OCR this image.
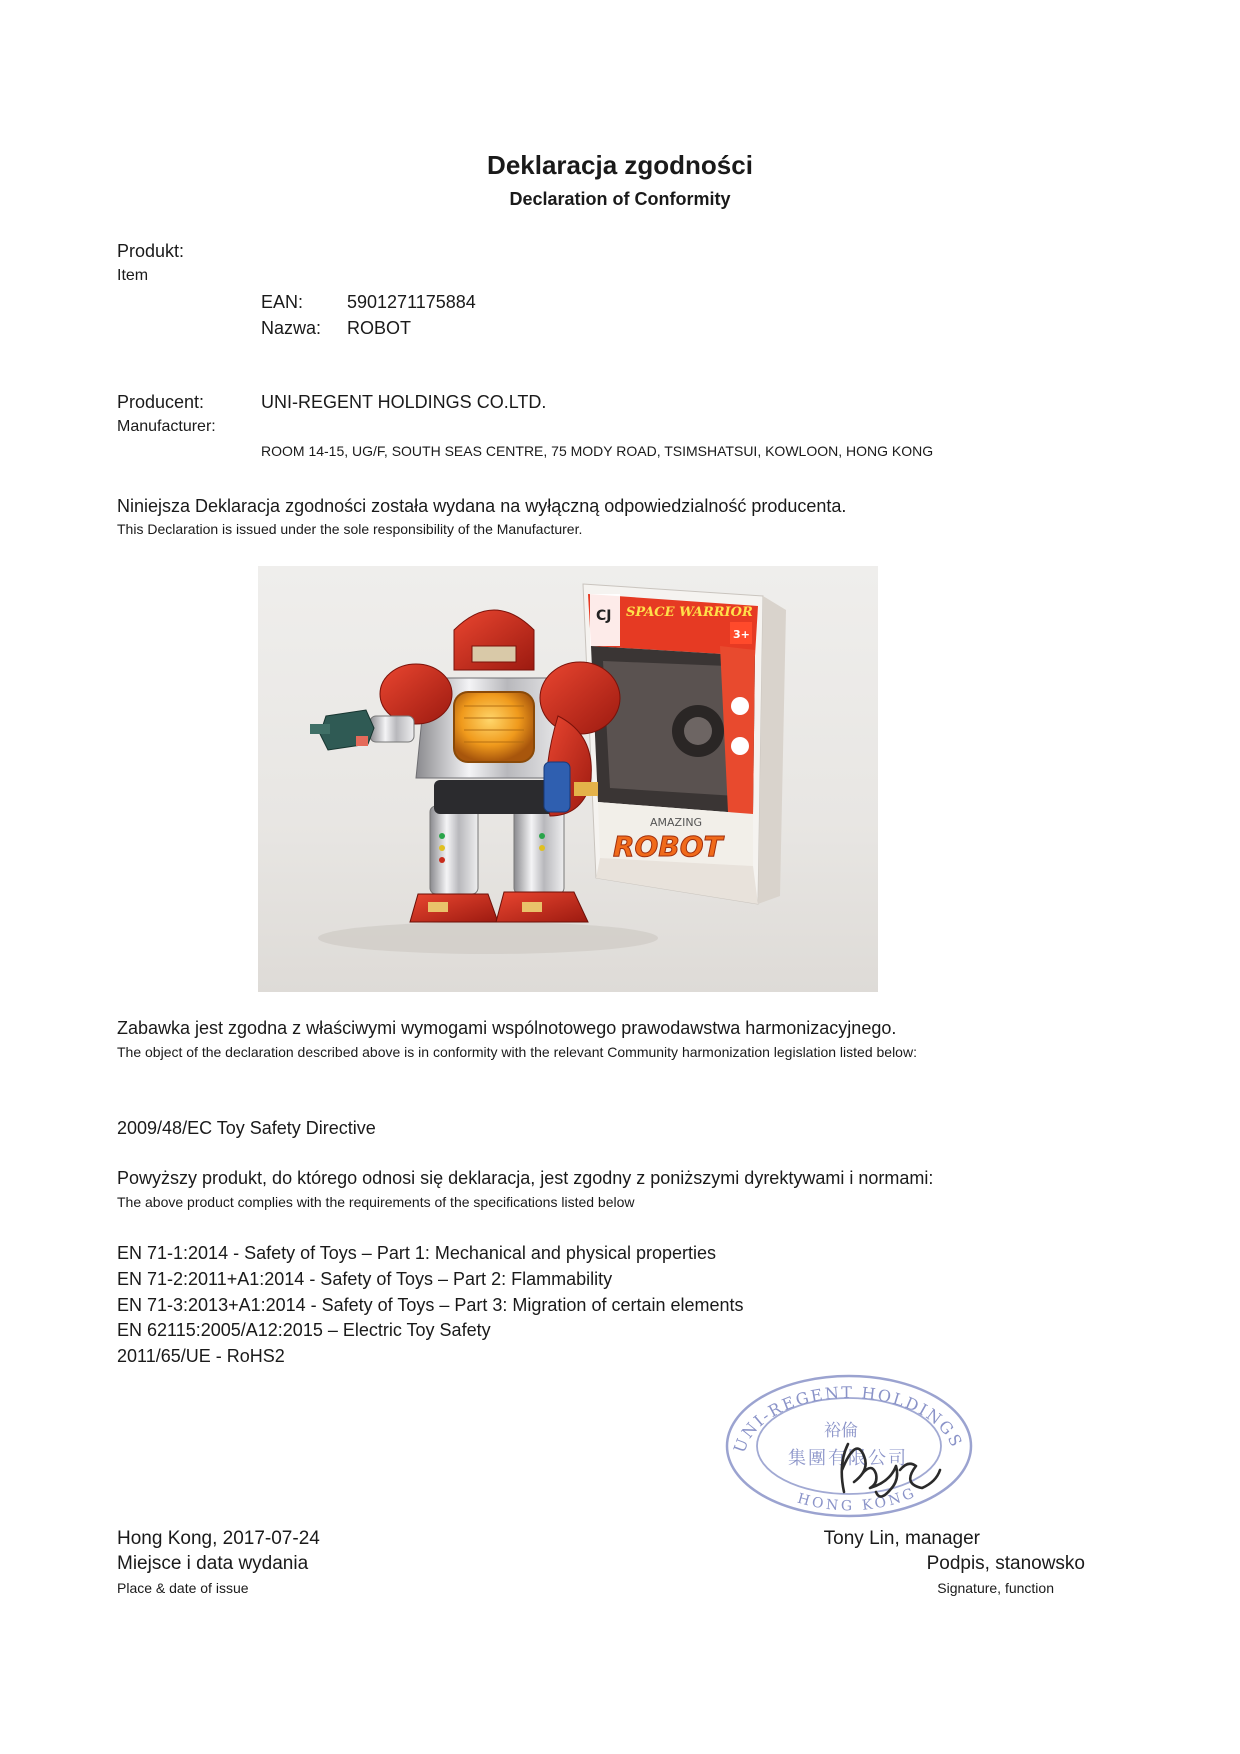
Deklaracja zgodności
Declaration of Conformity
Produkt:
Item
EAN: 5901271175884
Nazwa: ROBOT
Producent:	UNI-REGENT HOLDINGS CO.LTD.
Manufacturer:
ROOM 14-15, UG/F, SOUTH SEAS CENTRE, 75 MODY ROAD, TSIMSHATSUI, KOWLOON, HONG KONG
Niniejsza Deklaracja zgodności została wydana na wyłączną odpowiedzialność producenta.
This Declaration is issued under the sole responsibility of the Manufacturer.
CJ SPACE WARRIOR
3+
AMAZING
ROBOT
Zabawka jest zgodna z właściwymi wymogami wspólnotowego prawodawstwa harmonizacyjnego.
The object of the declaration described above is in conformity with the relevant Community harmonization legislation listed below:
2009/48/EC Toy Safety Directive
Powyższy produkt, do którego odnosi się deklaracja, jest zgodny z poniższymi dyrektywami i normami:
The above product complies with the requirements of the specifications listed below
EN 71-1:2014 - Safety of Toys – Part 1: Mechanical and physical properties
EN 71-2:2011+A1:2014 - Safety of Toys – Part 2: Flammability
EN 71-3:2013+A1:2014 - Safety of Toys – Part 3: Migration of certain elements
EN 62115:2005/A12:2015 – Electric Toy Safety
2011/65/UE - RoHS2
UNI-REGENT HOLDINGS
HONG KONG
裕倫
集團有限公司
Hong Kong, 2017-07-24
Miejsce i data wydania
Place & date of issue
Tony Lin, manager
Podpis, stanowsko
Signature, function
